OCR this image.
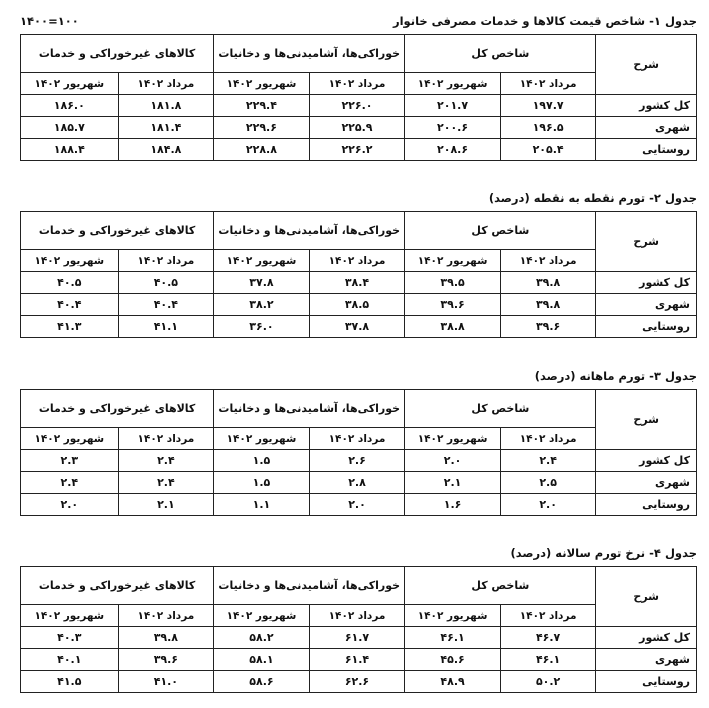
جدول ۱- شاخص قیمت کالاها و خدمات مصرفی خانوار
۱۰۰=۱۴۰۰
شرح	شاخص کل		خوراکی‌ها، آشامیدنی‌ها و دخانیات		کالاهای غیرخوراکی و خدمات	
	مرداد ۱۴۰۲	شهریور ۱۴۰۲	مرداد ۱۴۰۲	شهریور ۱۴۰۲	مرداد ۱۴۰۲	شهریور ۱۴۰۲
کل کشور	۱۹۷.۷	۲۰۱.۷	۲۲۶.۰	۲۲۹.۴	۱۸۱.۸	۱۸۶.۰
شهری	۱۹۶.۵	۲۰۰.۶	۲۲۵.۹	۲۲۹.۶	۱۸۱.۴	۱۸۵.۷
روستایی	۲۰۵.۴	۲۰۸.۶	۲۲۶.۲	۲۲۸.۸	۱۸۴.۸	۱۸۸.۴
جدول ۲- تورم نقطه به نقطه (درصد)
شرح	شاخص کل		خوراکی‌ها، آشامیدنی‌ها و دخانیات		کالاهای غیرخوراکی و خدمات	
	مرداد ۱۴۰۲	شهریور ۱۴۰۲	مرداد ۱۴۰۲	شهریور ۱۴۰۲	مرداد ۱۴۰۲	شهریور ۱۴۰۲
کل کشور	۳۹.۸	۳۹.۵	۳۸.۴	۳۷.۸	۴۰.۵	۴۰.۵
شهری	۳۹.۸	۳۹.۶	۳۸.۵	۳۸.۲	۴۰.۴	۴۰.۴
روستایی	۳۹.۶	۳۸.۸	۳۷.۸	۳۶.۰	۴۱.۱	۴۱.۳
جدول ۳- تورم ماهانه (درصد)
شرح	شاخص کل		خوراکی‌ها، آشامیدنی‌ها و دخانیات		کالاهای غیرخوراکی و خدمات	
	مرداد ۱۴۰۲	شهریور ۱۴۰۲	مرداد ۱۴۰۲	شهریور ۱۴۰۲	مرداد ۱۴۰۲	شهریور ۱۴۰۲
کل کشور	۲.۴	۲.۰	۲.۶	۱.۵	۲.۴	۲.۳
شهری	۲.۵	۲.۱	۲.۸	۱.۵	۲.۴	۲.۴
روستایی	۲.۰	۱.۶	۲.۰	۱.۱	۲.۱	۲.۰
جدول ۴- نرخ تورم سالانه (درصد)
شرح	شاخص کل		خوراکی‌ها، آشامیدنی‌ها و دخانیات		کالاهای غیرخوراکی و خدمات	
	مرداد ۱۴۰۲	شهریور ۱۴۰۲	مرداد ۱۴۰۲	شهریور ۱۴۰۲	مرداد ۱۴۰۲	شهریور ۱۴۰۲
کل کشور	۴۶.۷	۴۶.۱	۶۱.۷	۵۸.۲	۳۹.۸	۴۰.۳
شهری	۴۶.۱	۴۵.۶	۶۱.۴	۵۸.۱	۳۹.۶	۴۰.۱
روستایی	۵۰.۲	۴۸.۹	۶۲.۶	۵۸.۶	۴۱.۰	۴۱.۵
